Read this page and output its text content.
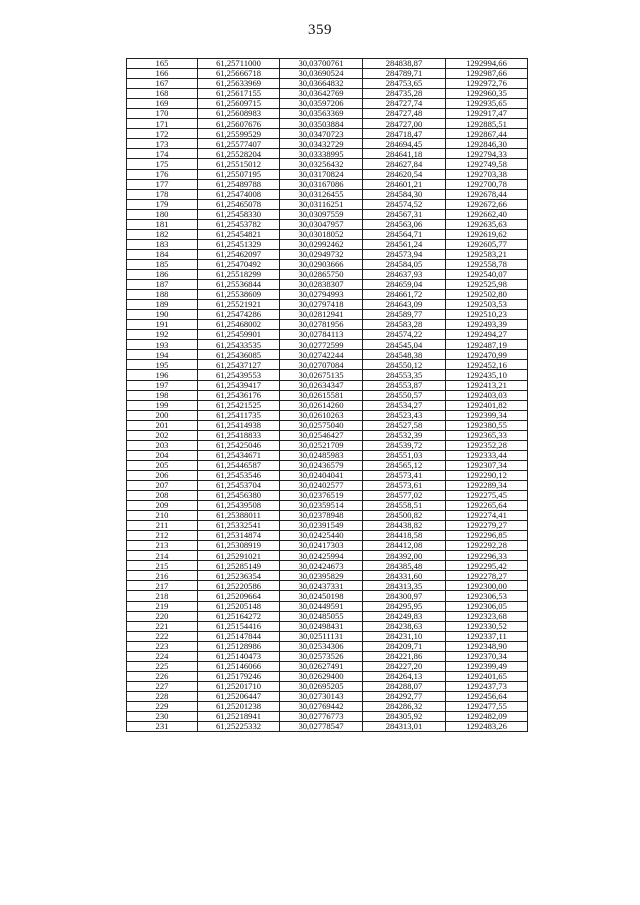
359
165	61,25711000	30,03700761	284838,87	1292994,66
166	61,25666718	30,03690524	284789,71	1292987,66
167	61,25633969	30,03664832	284753,65	1292972,76
168	61,25617155	30,03642769	284735,28	1292960,35
169	61,25609715	30,03597206	284727,74	1292935,65
170	61,25608983	30,03563369	284727,48	1292917,47
171	61,25607676	30,03503884	284727,00	1292885,51
172	61,25599529	30,03470723	284718,47	1292867,44
173	61,25577407	30,03432729	284694,45	1292846,30
174	61,25528204	30,03338995	284641,18	1292794,33
175	61,25515012	30,03256432	284627,84	1292749,58
176	61,25507195	30,03170824	284620,54	1292703,38
177	61,25489788	30,03167086	284601,21	1292700,78
178	61,25474008	30,03126455	284584,30	1292678,44
179	61,25465078	30,03116251	284574,52	1292672,66
180	61,25458330	30,03097559	284567,31	1292662,40
181	61,25453782	30,03047957	284563,06	1292635,63
182	61,25454821	30,03018052	284564,71	1292619,62
183	61,25451329	30,02992462	284561,24	1292605,77
184	61,25462097	30,02949732	284573,94	1292583,21
185	61,25470492	30,02903666	284584,05	1292558,78
186	61,25518299	30,02865750	284637,93	1292540,07
187	61,25536844	30,02838307	284659,04	1292525,98
188	61,25538609	30,02794993	284661,72	1292502,80
189	61,25521921	30,02797418	284643,09	1292503,53
190	61,25474286	30,02812941	284589,77	1292510,23
191	61,25468002	30,02781956	284583,28	1292493,39
192	61,25459901	30,02784113	284574,22	1292494,27
193	61,25433535	30,02772599	284545,04	1292487,19
194	61,25436085	30,02742244	284548,38	1292470,99
195	61,25437127	30,02707084	284550,12	1292452,16
196	61,25439553	30,02675135	284553,35	1292435,10
197	61,25439417	30,02634347	284553,87	1292413,21
198	61,25436176	30,02615581	284550,57	1292403,03
199	61,25421525	30,02614260	284534,27	1292401,82
200	61,25411735	30,02610263	284523,43	1292399,34
201	61,25414938	30,02575040	284527,58	1292380,55
202	61,25418833	30,02546427	284532,39	1292365,33
203	61,25425046	30,02521709	284539,72	1292352,28
204	61,25434671	30,02485983	284551,03	1292333,44
205	61,25446587	30,02436579	284565,12	1292307,34
206	61,25453546	30,02404041	284573,41	1292290,12
207	61,25453704	30,02402577	284573,61	1292289,34
208	61,25456380	30,02376519	284577,02	1292275,45
209	61,25439508	30,02359514	284558,51	1292265,64
210	61,25388011	30,02378948	284500,82	1292274,41
211	61,25332541	30,02391549	284438,82	1292279,27
212	61,25314874	30,02425440	284418,58	1292296,85
213	61,25308919	30,02417303	284412,08	1292292,28
214	61,25291021	30,02425994	284392,00	1292296,33
215	61,25285149	30,02424673	284385,48	1292295,42
216	61,25236354	30,02395829	284331,60	1292278,27
217	61,25220586	30,02437331	284313,35	1292300,00
218	61,25209664	30,02450198	284300,97	1292306,53
219	61,25205148	30,02449591	284295,95	1292306,05
220	61,25164272	30,02485055	284249,83	1292323,68
221	61,25154416	30,02498431	284238,63	1292330,52
222	61,25147844	30,02511131	284231,10	1292337,11
223	61,25128986	30,02534306	284209,71	1292348,90
224	61,25140473	30,02573526	284221,86	1292370,34
225	61,25146066	30,02627491	284227,20	1292399,49
226	61,25179246	30,02629400	284264,13	1292401,65
227	61,25201710	30,02695205	284288,07	1292437,73
228	61,25206447	30,02730143	284292,77	1292456,64
229	61,25201238	30,02769442	284286,32	1292477,55
230	61,25218941	30,02776773	284305,92	1292482,09
231	61,25225332	30,02778547	284313,01	1292483,26
